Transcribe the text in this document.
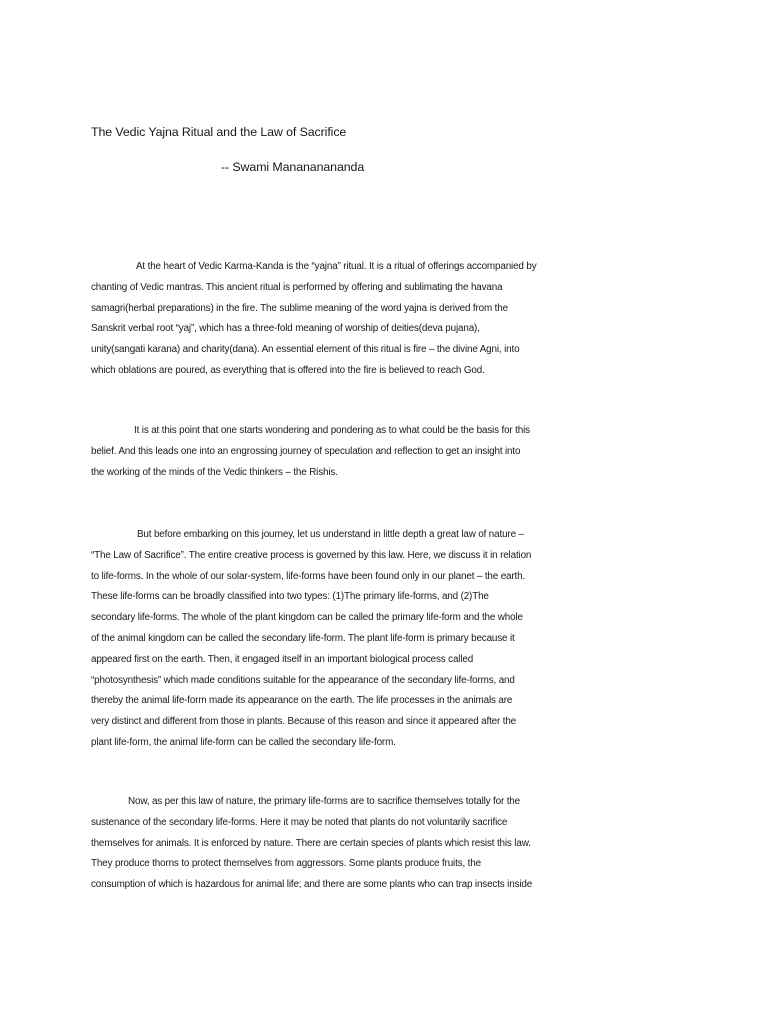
The Vedic Yajna Ritual and the Law of Sacrifice
-- Swami Manananananda
At the heart of Vedic Karma-Kanda is the “yajna” ritual. It is a ritual of offerings accompanied by
chanting of Vedic mantras. This ancient ritual is performed by offering and sublimating the havana
samagri(herbal preparations) in the fire. The sublime meaning of the word yajna is derived from the
Sanskrit verbal root “yaj”, which has a three-fold meaning of worship of deities(deva pujana),
unity(sangati karana) and charity(dana). An essential element of this ritual is fire – the divine Agni, into
which oblations are poured, as everything that is offered into the fire is believed to reach God.
It is at this point that one starts wondering and pondering as to what could be the basis for this
belief. And this leads one into an engrossing journey of speculation and reflection to get an insight into
the working of the minds of the Vedic thinkers – the Rishis.
But before embarking on this journey, let us understand in little depth a great law of nature –
“The Law of Sacrifice”. The entire creative process is governed by this law. Here, we discuss it in relation
to life-forms. In the whole of our solar-system, life-forms have been found only in our planet – the earth.
These life-forms can be broadly classified into two types: (1)The primary life-forms, and (2)The
secondary life-forms. The whole of the plant kingdom can be called the primary life-form and the whole
of the animal kingdom can be called the secondary life-form. The plant life-form is primary because it
appeared first on the earth. Then, it engaged itself in an important biological process called
“photosynthesis” which made conditions suitable for the appearance of the secondary life-forms, and
thereby the animal life-form made its appearance on the earth. The life processes in the animals are
very distinct and different from those in plants. Because of this reason and since it appeared after the
plant life-form, the animal life-form can be called the secondary life-form.
Now, as per this law of nature, the primary life-forms are to sacrifice themselves totally for the
sustenance of the secondary life-forms. Here it may be noted that plants do not voluntarily sacrifice
themselves for animals. It is enforced by nature. There are certain species of plants which resist this law.
They produce thorns to protect themselves from aggressors. Some plants produce fruits, the
consumption of which is hazardous for animal life; and there are some plants who can trap insects inside
